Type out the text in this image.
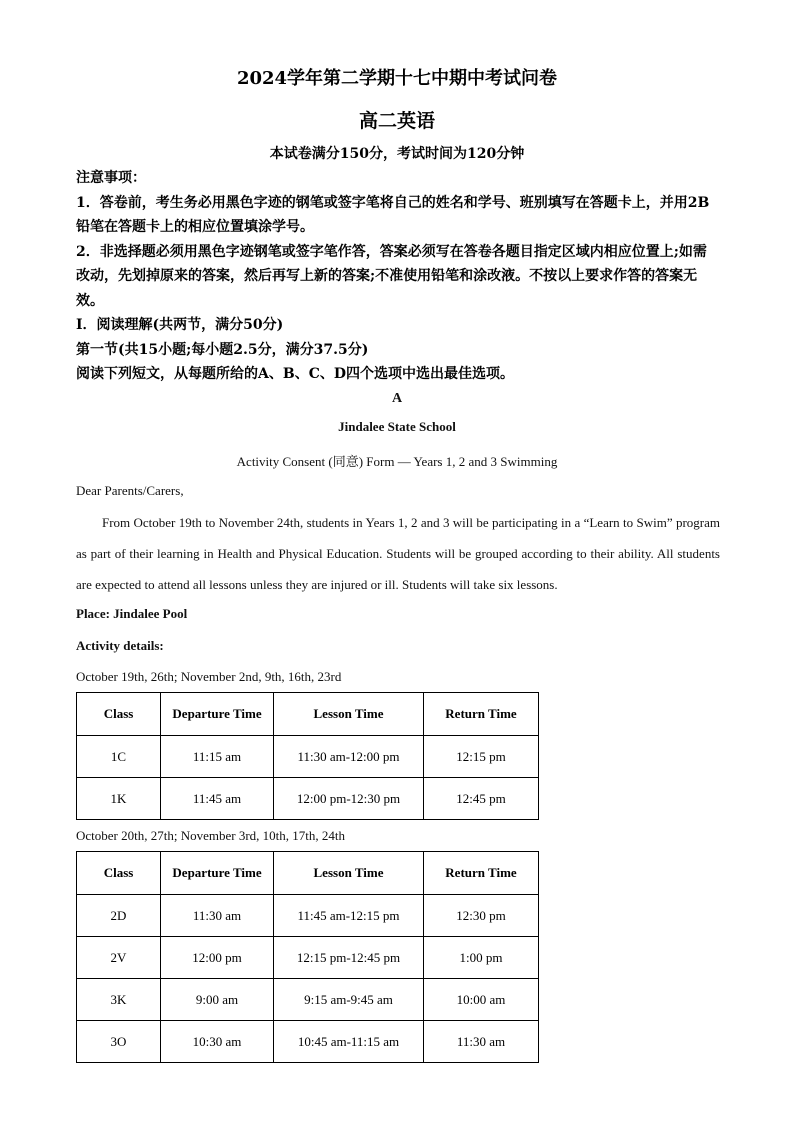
2024学年第二学期十七中期中考试问卷
高二英语
本试卷满分150分，考试时间为120分钟

注意事项：

1．答卷前，考生务必用黑色字迹的钢笔或签字笔将自己的姓名和学号、班别填写在答题卡上，并用2B铅笔在答题卡上的相应位置填涂学号。

2．非选择题必须用黑色字迹钢笔或签字笔作答，答案必须写在答卷各题目指定区域内相应位置上;如需改动，先划掉原来的答案，然后再写上新的答案;不准使用铅笔和涂改液。不按以上要求作答的答案无效。

Ⅰ．阅读理解(共两节，满分50分)

第一节(共15小题;每小题2.5分，满分37.5分)

阅读下列短文，从每题所给的A、B、C、D四个选项中选出最佳选项。

A
Jindalee State School
Activity Consent (同意) Form — Years 1, 2 and 3 Swimming
Dear Parents/Carers,
From October 19th to November 24th, students in Years 1, 2 and 3 will be participating in a “Learn to Swim” program as part of their learning in Health and Physical Education. Students will be grouped according to their ability. All students are expected to attend all lessons unless they are injured or ill. Students will take six lessons.
Place: Jindalee Pool
Activity details:
October 19th, 26th; November 2nd, 9th, 16th, 23rd
Class	Departure Time	Lesson Time	Return Time
1C	11:15 am	11:30 am-12:00 pm	12:15 pm
1K	11:45 am	12:00 pm-12:30 pm	12:45 pm
October 20th, 27th; November 3rd, 10th, 17th, 24th
Class	Departure Time	Lesson Time	Return Time
2D	11:30 am	11:45 am-12:15 pm	12:30 pm
2V	12:00 pm	12:15 pm-12:45 pm	1:00 pm
3K	9:00 am	9:15 am-9:45 am	10:00 am
3O	10:30 am	10:45 am-11:15 am	11:30 am
